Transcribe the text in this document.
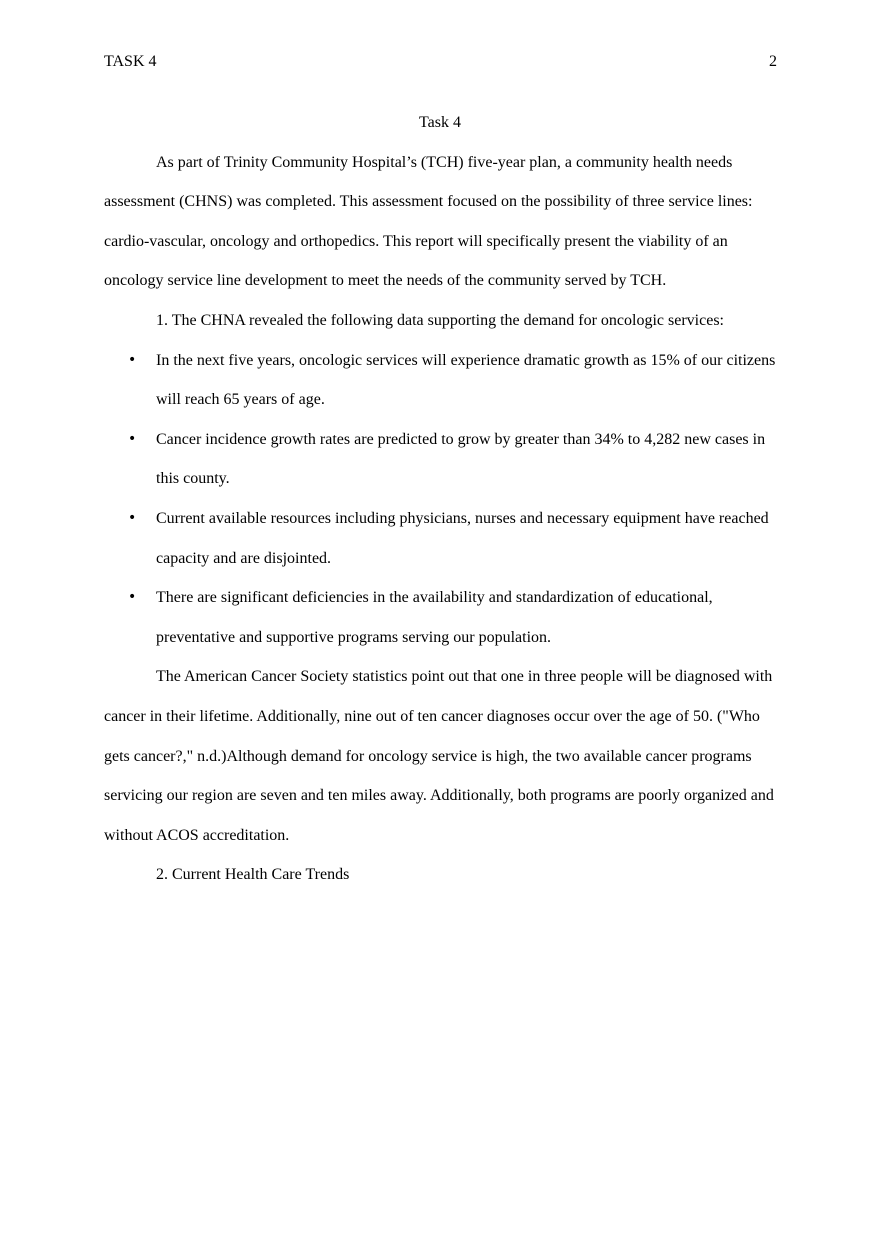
TASK 4	2

Task 4

As part of Trinity Community Hospital’s (TCH) five-year plan, a community health needs assessment (CHNS) was completed. This assessment focused on the possibility of three service lines: cardio-vascular, oncology and orthopedics. This report will specifically present the viability of an oncology service line development to meet the needs of the community served by TCH.

1. The CHNA revealed the following data supporting the demand for oncologic services:

• In the next five years, oncologic services will experience dramatic growth as 15% of our citizens will reach 65 years of age.
• Cancer incidence growth rates are predicted to grow by greater than 34% to 4,282 new cases in this county.
• Current available resources including physicians, nurses and necessary equipment have reached capacity and are disjointed.
• There are significant deficiencies in the availability and standardization of educational, preventative and supportive programs serving our population.

The American Cancer Society statistics point out that one in three people will be diagnosed with cancer in their lifetime. Additionally, nine out of ten cancer diagnoses occur over the age of 50. ("Who gets cancer?," n.d.)Although demand for oncology service is high, the two available cancer programs servicing our region are seven and ten miles away. Additionally, both programs are poorly organized and without ACOS accreditation.

2. Current Health Care Trends
